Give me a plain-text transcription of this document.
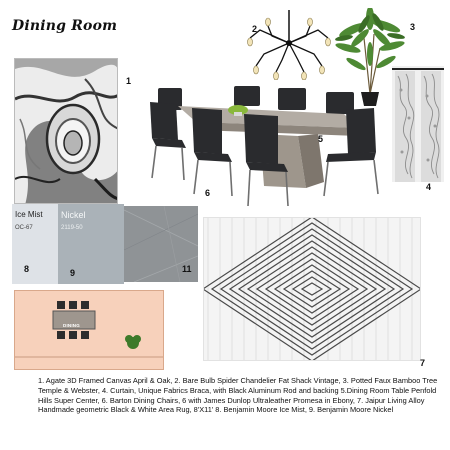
Dining Room
1
2	3
4
5
6
Ice Mist
OC-67
8
Nickel
2119-50
9	11
DINING
7
1. Agate 3D Framed Canvas April & Oak, 2. Bare Bulb Spider Chandelier Fat Shack Vintage, 3. Potted Faux Bamboo Tree Temple & Webster, 4. Curtain, Unique Fabrics Braca, with Black Aluminum Rod and backing 5.Dining Room Table Penfold Hills Super Center, 6. Barton Dining Chairs, 6 with James Dunlop Ultraleather Promesa in Ebony, 7. Jaipur Living Alloy Handmade geometric Black & White Area Rug, 8'X11' 8. Benjamin Moore Ice Mist, 9. Benjamin Moore Nickel
